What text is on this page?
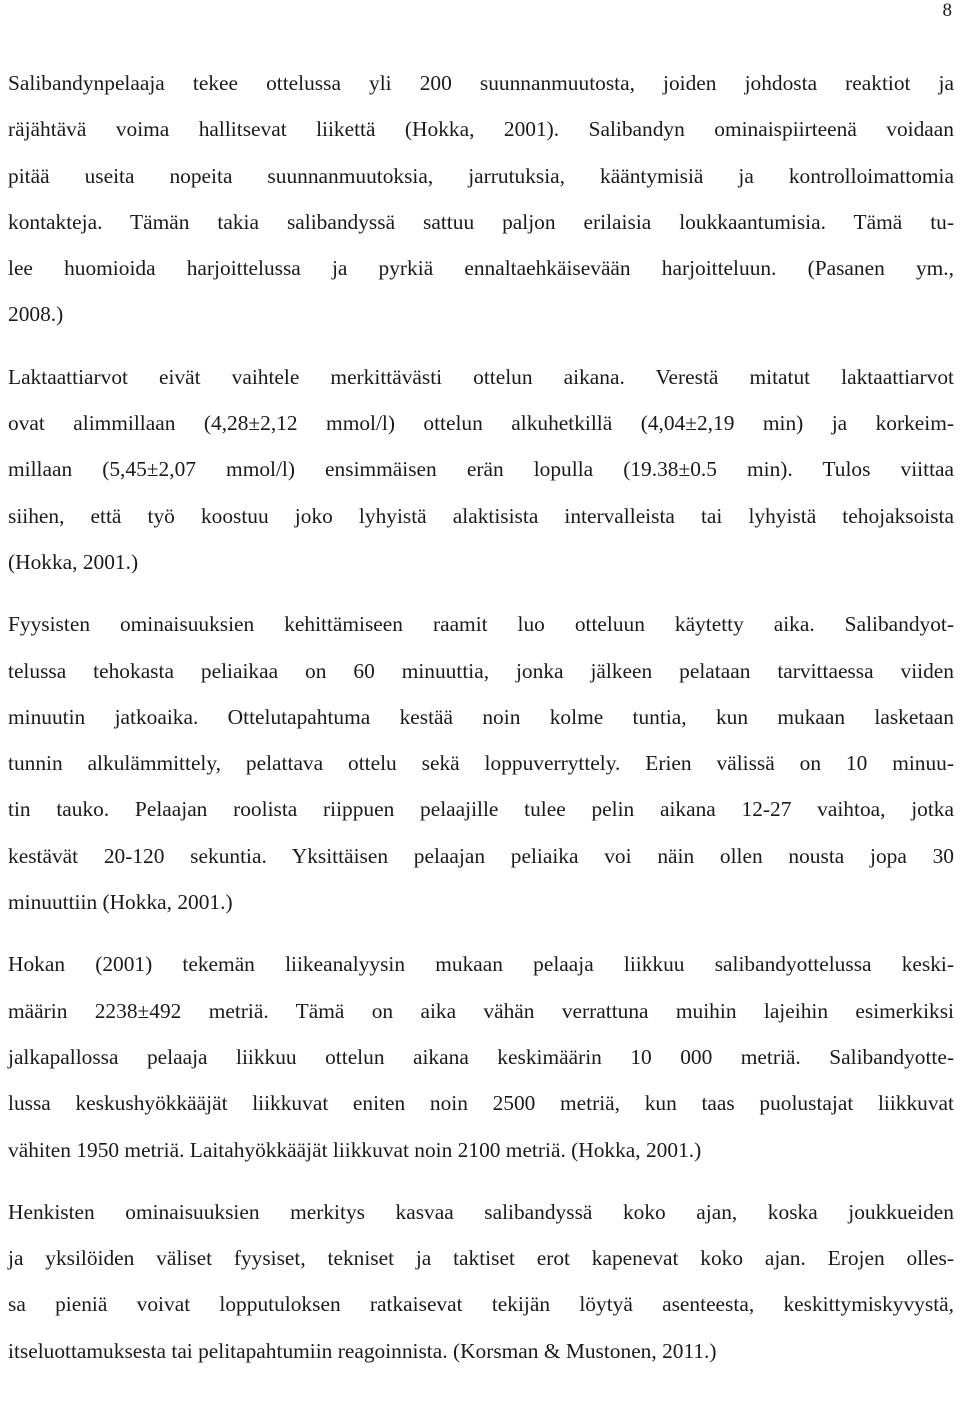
8

Salibandynpelaaja tekee ottelussa yli 200 suunnanmuutosta, joiden johdosta reaktiot ja
räjähtävä voima hallitsevat liikettä (Hokka, 2001). Salibandyn ominaispiirteenä voidaan
pitää useita nopeita suunnanmuutoksia, jarrutuksia, kääntymisiä ja kontrolloimattomia
kontakteja. Tämän takia salibandyssä sattuu paljon erilaisia loukkaantumisia. Tämä tu-
lee huomioida harjoittelussa ja pyrkiä ennaltaehkäisevään harjoitteluun. (Pasanen ym.,
2008.)

Laktaattiarvot eivät vaihtele merkittävästi ottelun aikana. Verestä mitatut laktaattiarvot
ovat alimmillaan (4,28±2,12 mmol/l) ottelun alkuhetkillä (4,04±2,19 min) ja korkeim-
millaan (5,45±2,07 mmol/l) ensimmäisen erän lopulla (19.38±0.5 min). Tulos viittaa
siihen, että työ koostuu joko lyhyistä alaktisista intervalleista tai lyhyistä tehojaksoista
(Hokka, 2001.)

Fyysisten ominaisuuksien kehittämiseen raamit luo otteluun käytetty aika. Salibandyot-
telussa tehokasta peliaikaa on 60 minuuttia, jonka jälkeen pelataan tarvittaessa viiden
minuutin jatkoaika. Ottelutapahtuma kestää noin kolme tuntia, kun mukaan lasketaan
tunnin alkulämmittely, pelattava ottelu sekä loppuverryttely. Erien välissä on 10 minuu-
tin tauko. Pelaajan roolista riippuen pelaajille tulee pelin aikana 12-27 vaihtoa, jotka
kestävät 20-120 sekuntia. Yksittäisen pelaajan peliaika voi näin ollen nousta jopa 30
minuuttiin (Hokka, 2001.)

Hokan (2001) tekemän liikeanalyysin mukaan pelaaja liikkuu salibandyottelussa keski-
määrin 2238±492 metriä. Tämä on aika vähän verrattuna muihin lajeihin esimerkiksi
jalkapallossa pelaaja liikkuu ottelun aikana keskimäärin 10 000 metriä. Salibandyotte-
lussa keskushyökkääjät liikkuvat eniten noin 2500 metriä, kun taas puolustajat liikkuvat
vähiten 1950 metriä. Laitahyökkääjät liikkuvat noin 2100 metriä. (Hokka, 2001.)

Henkisten ominaisuuksien merkitys kasvaa salibandyssä koko ajan, koska joukkueiden
ja yksilöiden väliset fyysiset, tekniset ja taktiset erot kapenevat koko ajan. Erojen olles-
sa pieniä voivat lopputuloksen ratkaisevat tekijän löytyä asenteesta, keskittymiskyvystä,
itseluottamuksesta tai pelitapahtumiin reagoinnista. (Korsman & Mustonen, 2011.)
